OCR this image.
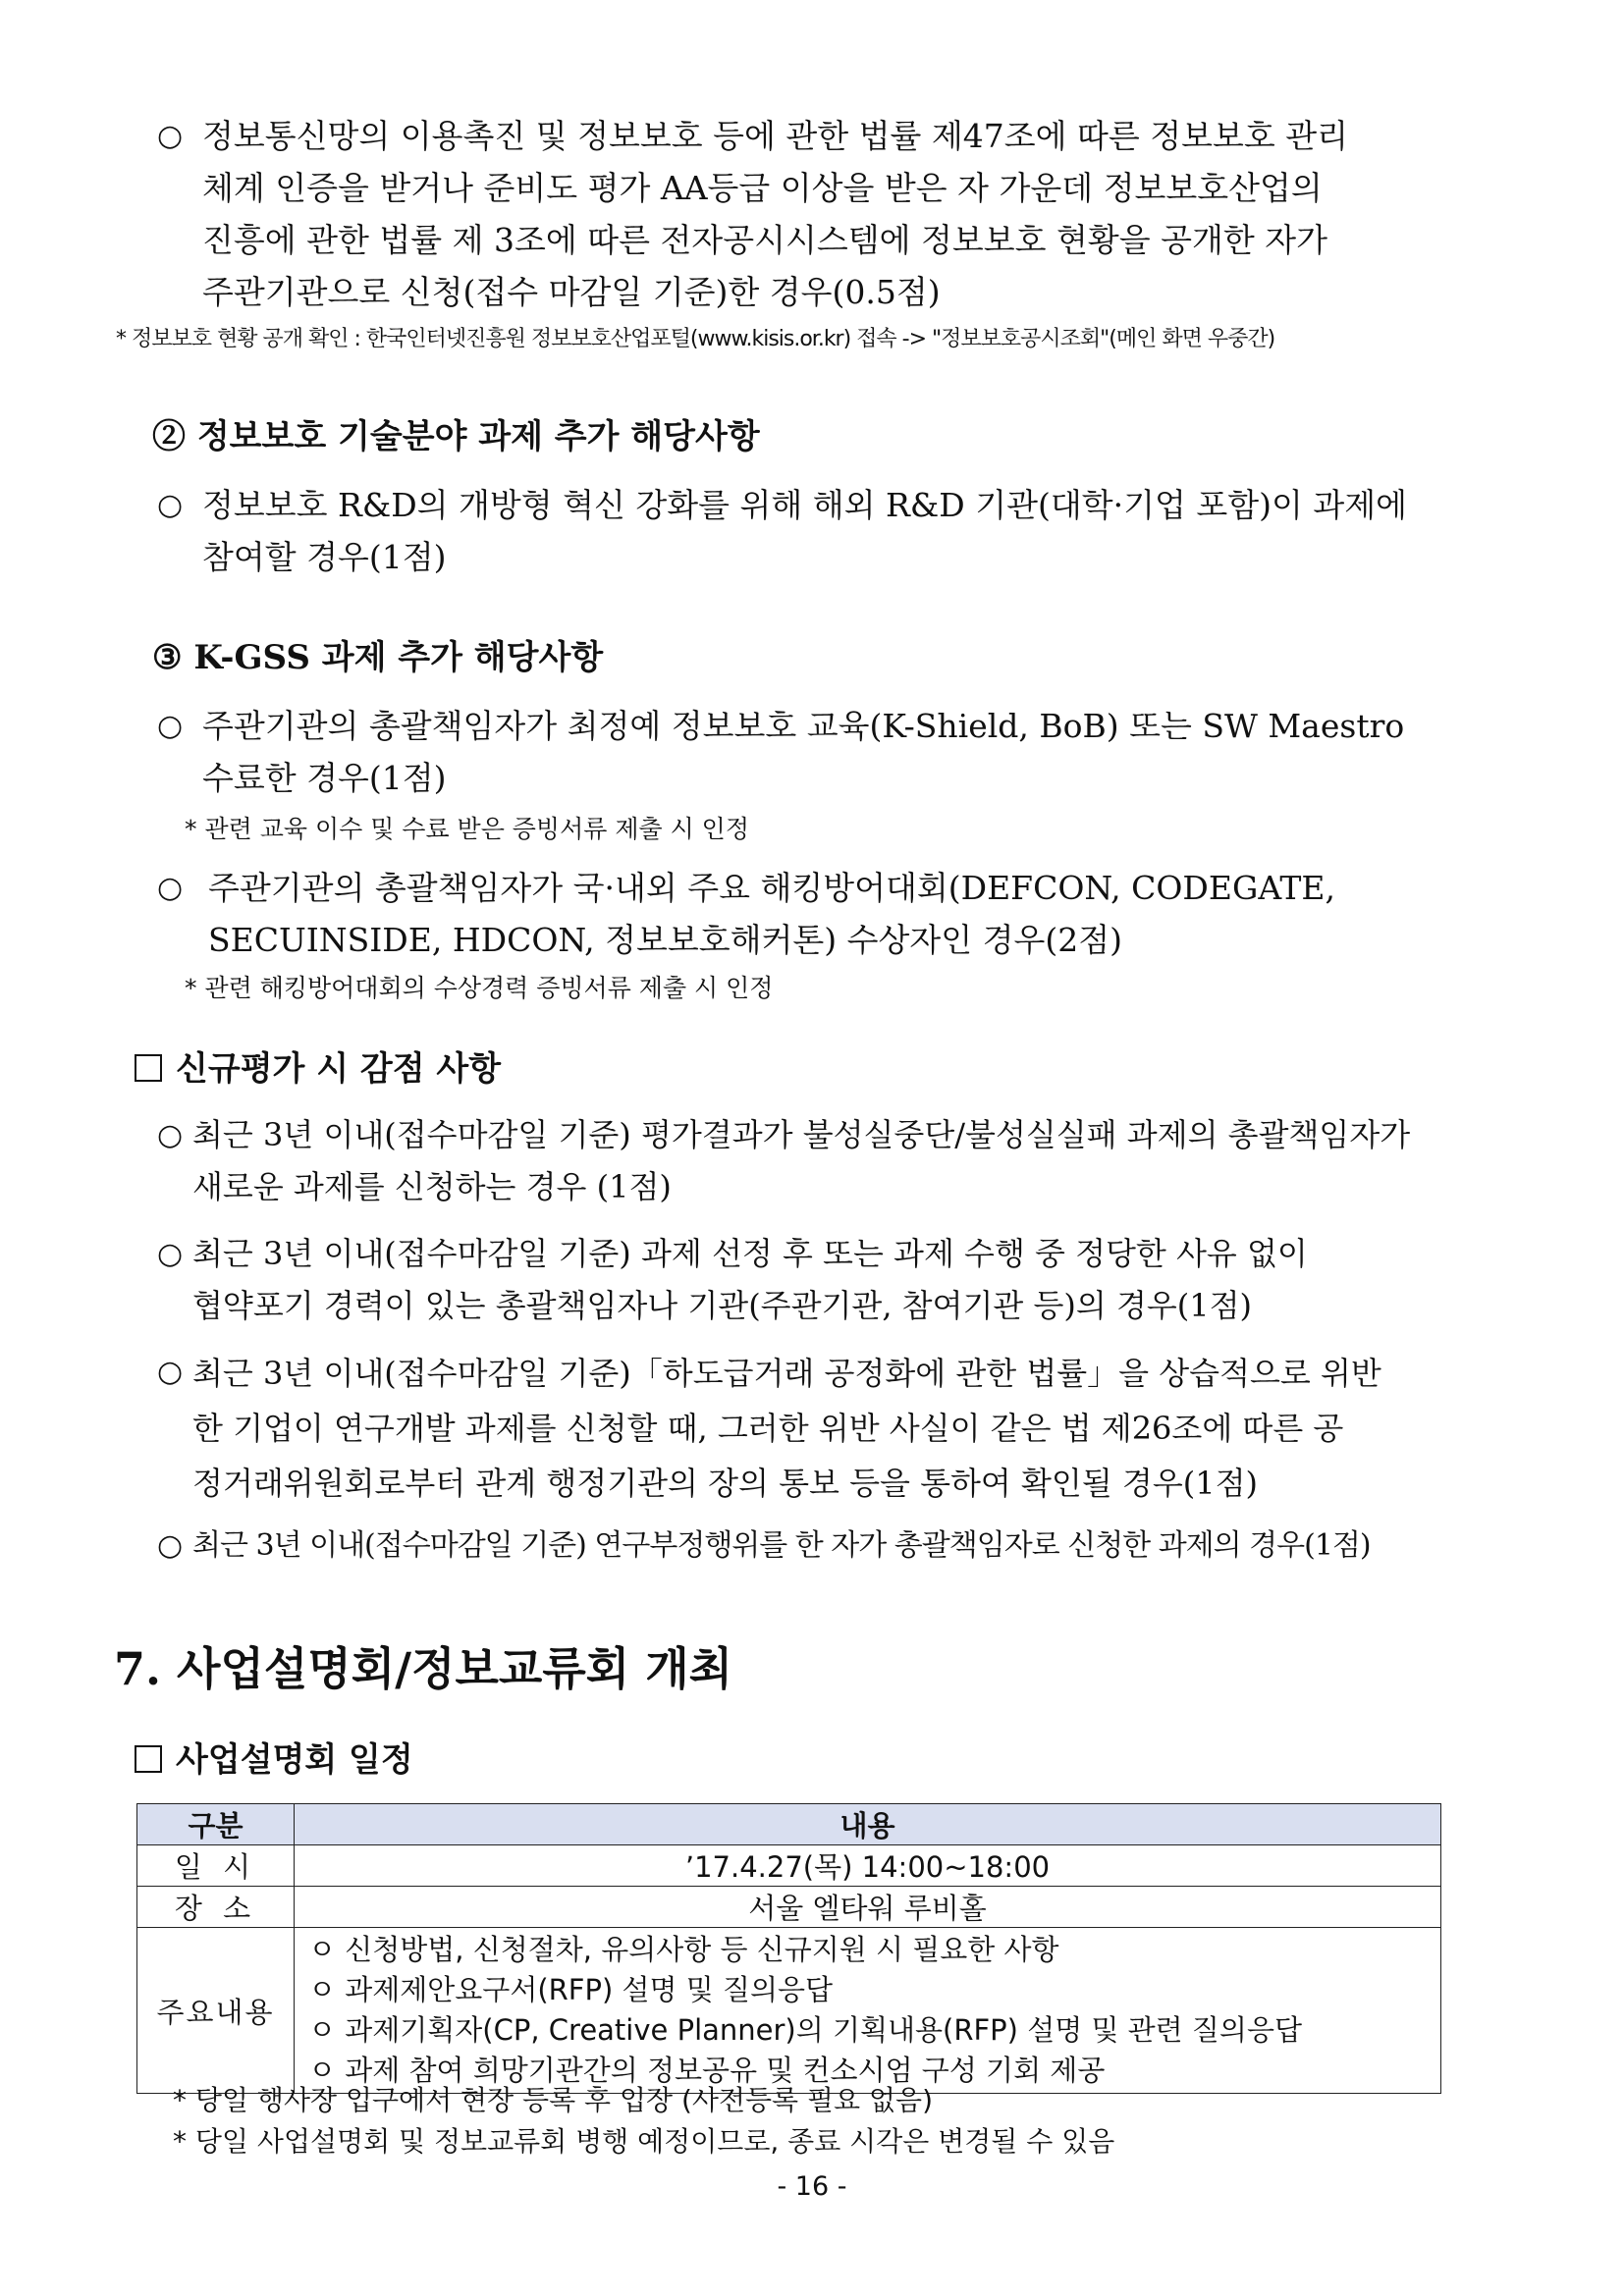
○ 정보통신망의 이용촉진 및 정보보호 등에 관한 법률 제47조에 따른 정보보호 관리
체계 인증을 받거나 준비도 평가 AA등급 이상을 받은 자 가운데 정보보호산업의
진흥에 관한 법률 제 3조에 따른 전자공시시스템에 정보보호 현황을 공개한 자가
주관기관으로 신청(접수 마감일 기준)한 경우(0.5점)
* 정보보호 현황 공개 확인 : 한국인터넷진흥원 정보보호산업포털(www.kisis.or.kr) 접속 -> "정보보호공시조회"(메인 화면 우중간)
② 정보보호 기술분야 과제 추가 해당사항
○ 정보보호 R&D의 개방형 혁신 강화를 위해 해외 R&D 기관(대학·기업 포함)이 과제에
참여할 경우(1점)
③ K-GSS 과제 추가 해당사항
○ 주관기관의 총괄책임자가 최정예 정보보호 교육(K-Shield, BoB) 또는 SW Maestro
수료한 경우(1점)
* 관련 교육 이수 및 수료 받은 증빙서류 제출 시 인정
○ 주관기관의 총괄책임자가 국·내외 주요 해킹방어대회(DEFCON, CODEGATE,
SECUINSIDE, HDCON, 정보보호해커톤) 수상자인 경우(2점)
* 관련 해킹방어대회의 수상경력 증빙서류 제출 시 인정
신규평가 시 감점 사항
○ 최근 3년 이내(접수마감일 기준) 평가결과가 불성실중단/불성실실패 과제의 총괄책임자가
새로운 과제를 신청하는 경우 (1점)
○ 최근 3년 이내(접수마감일 기준) 과제 선정 후 또는 과제 수행 중 정당한 사유 없이
협약포기 경력이 있는 총괄책임자나 기관(주관기관, 참여기관 등)의 경우(1점)
○ 최근 3년 이내(접수마감일 기준)「하도급거래 공정화에 관한 법률」을 상습적으로 위반
한 기업이 연구개발 과제를 신청할 때, 그러한 위반 사실이 같은 법 제26조에 따른 공
정거래위원회로부터 관계 행정기관의 장의 통보 등을 통하여 확인될 경우(1점)
○ 최근 3년 이내(접수마감일 기준) 연구부정행위를 한 자가 총괄책임자로 신청한 과제의 경우(1점)
7. 사업설명회/정보교류회 개최
사업설명회 일정
구분	내용
일 시	’17.4.27(목) 14:00~18:00
장 소	서울 엘타워 루비홀
주요내용	ㅇ 신청방법, 신청절차, 유의사항 등 신규지원 시 필요한 사항
ㅇ 과제제안요구서(RFP) 설명 및 질의응답
ㅇ 과제기획자(CP, Creative Planner)의 기획내용(RFP) 설명 및 관련 질의응답
ㅇ 과제 참여 희망기관간의 정보공유 및 컨소시엄 구성 기회 제공
* 당일 행사장 입구에서 현장 등록 후 입장 (사전등록 필요 없음)
* 당일 사업설명회 및 정보교류회 병행 예정이므로, 종료 시각은 변경될 수 있음
- 16 -
